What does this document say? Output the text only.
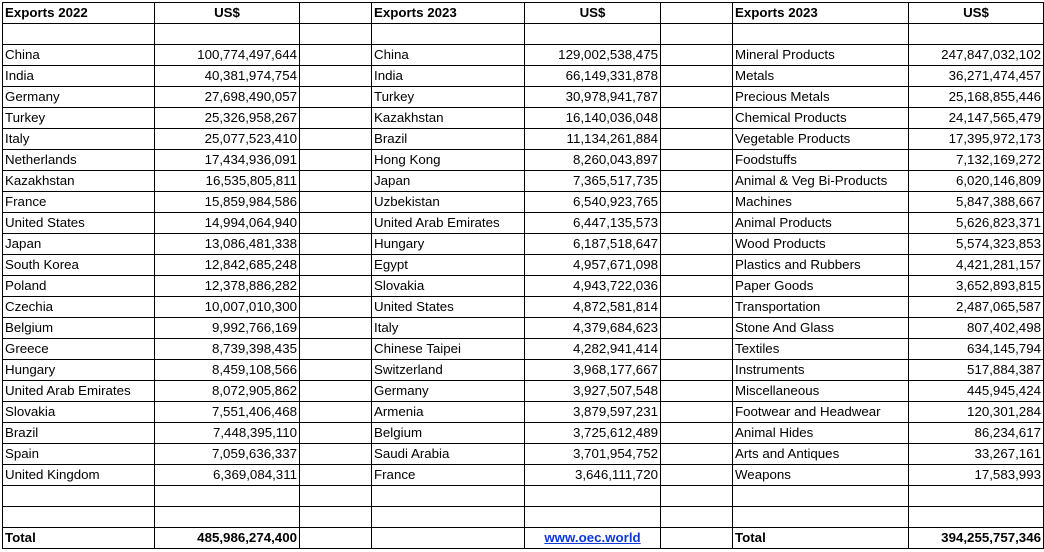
Exports 2022	US$		Exports 2023	US$		Exports 2023	US$

China	100,774,497,644		China	129,002,538,475		Mineral Products	247,847,032,102
India	40,381,974,754		India	66,149,331,878		Metals	36,271,474,457
Germany	27,698,490,057		Turkey	30,978,941,787		Precious Metals	25,168,855,446
Turkey	25,326,958,267		Kazakhstan	16,140,036,048		Chemical Products	24,147,565,479
Italy	25,077,523,410		Brazil	11,134,261,884		Vegetable Products	17,395,972,173
Netherlands	17,434,936,091		Hong Kong	8,260,043,897		Foodstuffs	7,132,169,272
Kazakhstan	16,535,805,811		Japan	7,365,517,735		Animal & Veg Bi-Products	6,020,146,809
France	15,859,984,586		Uzbekistan	6,540,923,765		Machines	5,847,388,667
United States	14,994,064,940		United Arab Emirates	6,447,135,573		Animal Products	5,626,823,371
Japan	13,086,481,338		Hungary	6,187,518,647		Wood Products	5,574,323,853
South Korea	12,842,685,248		Egypt	4,957,671,098		Plastics and Rubbers	4,421,281,157
Poland	12,378,886,282		Slovakia	4,943,722,036		Paper Goods	3,652,893,815
Czechia	10,007,010,300		United States	4,872,581,814		Transportation	2,487,065,587
Belgium	9,992,766,169		Italy	4,379,684,623		Stone And Glass	807,402,498
Greece	8,739,398,435		Chinese Taipei	4,282,941,414		Textiles	634,145,794
Hungary	8,459,108,566		Switzerland	3,968,177,667		Instruments	517,884,387
United Arab Emirates	8,072,905,862		Germany	3,927,507,548		Miscellaneous	445,945,424
Slovakia	7,551,406,468		Armenia	3,879,597,231		Footwear and Headwear	120,301,284
Brazil	7,448,395,110		Belgium	3,725,612,489		Animal Hides	86,234,617
Spain	7,059,636,337		Saudi Arabia	3,701,954,752		Arts and Antiques	33,267,161
United Kingdom	6,369,084,311		France	3,646,111,720		Weapons	17,583,993

Total	485,986,274,400			www.oec.world		Total	394,255,757,346
